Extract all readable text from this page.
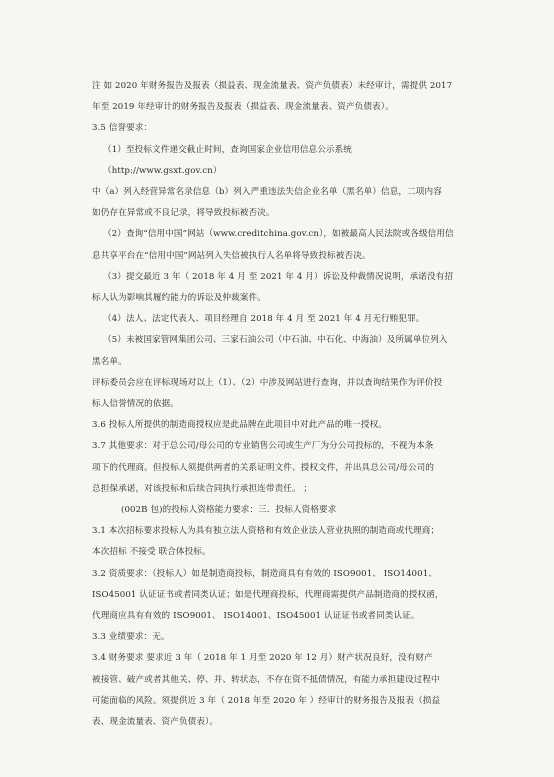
注 如 2020 年财务报告及报表（损益表、现金流量表、资产负债表）未经审计，需提供 2017

年至 2019 年经审计的财务报告及报表（损益表、现金流量表、资产负债表）。

3.5 信誉要求：

（1）至投标文件递交截止时间，查询国家企业信用信息公示系统（http://www.gsxt.gov.cn）

中（a）列入经营异常名录信息（b）列入严重违法失信企业名单（黑名单）信息，二项内容

如仍存在异常或不良记录，将导致投标被否决。

（2）查询“信用中国”网站（www.creditchina.gov.cn），如被最高人民法院或各级信用信

息共享平台在“信用中国”网站列入失信被执行人名单将导致投标被否决。

（3）提交最近 3 年（ 2018 年 4 月 至 2021 年 4 月）诉讼及仲裁情况说明，承诺没有招

标人认为影响其履约能力的诉讼及仲裁案件。

（4）法人、法定代表人、项目经理自 2018 年 4 月 至 2021 年 4 月无行贿犯罪。

（5）未被国家管网集团公司、三家石油公司（中石油、中石化、中海油）及所属单位列入

黑名单。

评标委员会应在评标现场对以上（1）、（2）中涉及网站进行查询，并以查询结果作为评价投

标人信誉情况的依据。

3.6 投标人所提供的制造商授权应是此品牌在此项目中对此产品的唯一授权。

3.7 其他要求：对于总公司/母公司的专业销售公司或生产厂为分公司投标的，不视为本条

项下的代理商。但投标人须提供两者的关系证明文件、授权文件，并出具总公司/母公司的

总担保承诺，对该投标和后续合同执行承担连带责任。 ；

(002B 包)的投标人资格能力要求：三．投标人资格要求

3.1 本次招标要求投标人为具有独立法人资格和有效企业法人营业执照的制造商或代理商；

本次招标 不接受 联合体投标。

3.2 资质要求：（投标人）如是制造商投标，制造商具有有效的 ISO9001、 ISO14001、

ISO45001 认证证书或者同类认证；如是代理商投标，代理商需提供产品制造商的授权函，

代理商应具有有效的 ISO9001、 ISO14001、ISO45001 认证证书或者同类认证。

3.3 业绩要求：无。

3.4 财务要求 要求近 3 年（ 2018 年 1 月至 2020 年 12 月）财产状况良好，没有财产

被接管、破产或者其他关、停、并、转状态，不存在资不抵债情况，有能力承担建设过程中

可能面临的风险。须提供近 3 年（ 2018 年至 2020 年 ）经审计的财务报告及报表（损益

表、现金流量表、资产负债表）。
